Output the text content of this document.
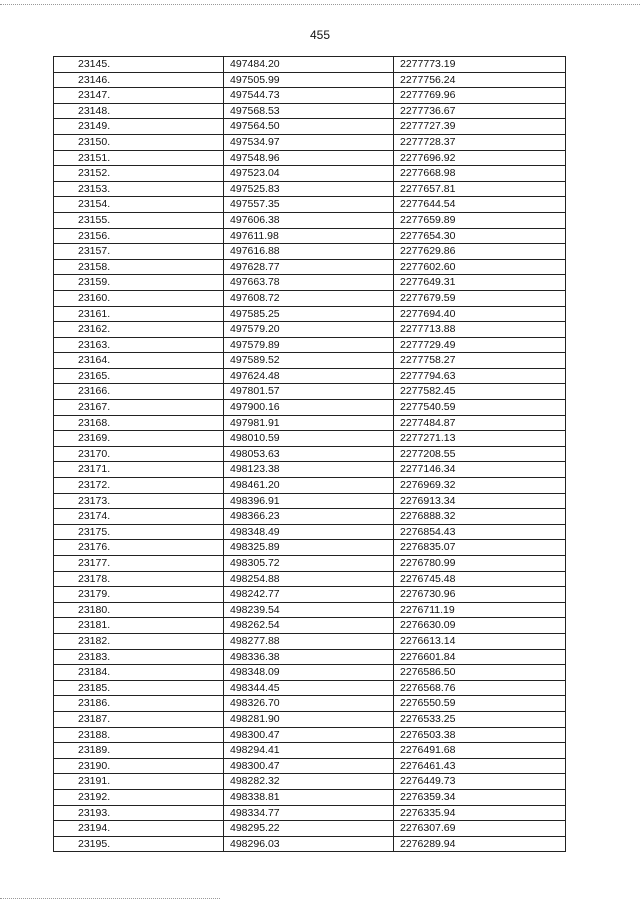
455
23145.	497484.20	2277773.19
23146.	497505.99	2277756.24
23147.	497544.73	2277769.96
23148.	497568.53	2277736.67
23149.	497564.50	2277727.39
23150.	497534.97	2277728.37
23151.	497548.96	2277696.92
23152.	497523.04	2277668.98
23153.	497525.83	2277657.81
23154.	497557.35	2277644.54
23155.	497606.38	2277659.89
23156.	497611.98	2277654.30
23157.	497616.88	2277629.86
23158.	497628.77	2277602.60
23159.	497663.78	2277649.31
23160.	497608.72	2277679.59
23161.	497585.25	2277694.40
23162.	497579.20	2277713.88
23163.	497579.89	2277729.49
23164.	497589.52	2277758.27
23165.	497624.48	2277794.63
23166.	497801.57	2277582.45
23167.	497900.16	2277540.59
23168.	497981.91	2277484.87
23169.	498010.59	2277271.13
23170.	498053.63	2277208.55
23171.	498123.38	2277146.34
23172.	498461.20	2276969.32
23173.	498396.91	2276913.34
23174.	498366.23	2276888.32
23175.	498348.49	2276854.43
23176.	498325.89	2276835.07
23177.	498305.72	2276780.99
23178.	498254.88	2276745.48
23179.	498242.77	2276730.96
23180.	498239.54	2276711.19
23181.	498262.54	2276630.09
23182.	498277.88	2276613.14
23183.	498336.38	2276601.84
23184.	498348.09	2276586.50
23185.	498344.45	2276568.76
23186.	498326.70	2276550.59
23187.	498281.90	2276533.25
23188.	498300.47	2276503.38
23189.	498294.41	2276491.68
23190.	498300.47	2276461.43
23191.	498282.32	2276449.73
23192.	498338.81	2276359.34
23193.	498334.77	2276335.94
23194.	498295.22	2276307.69
23195.	498296.03	2276289.94
